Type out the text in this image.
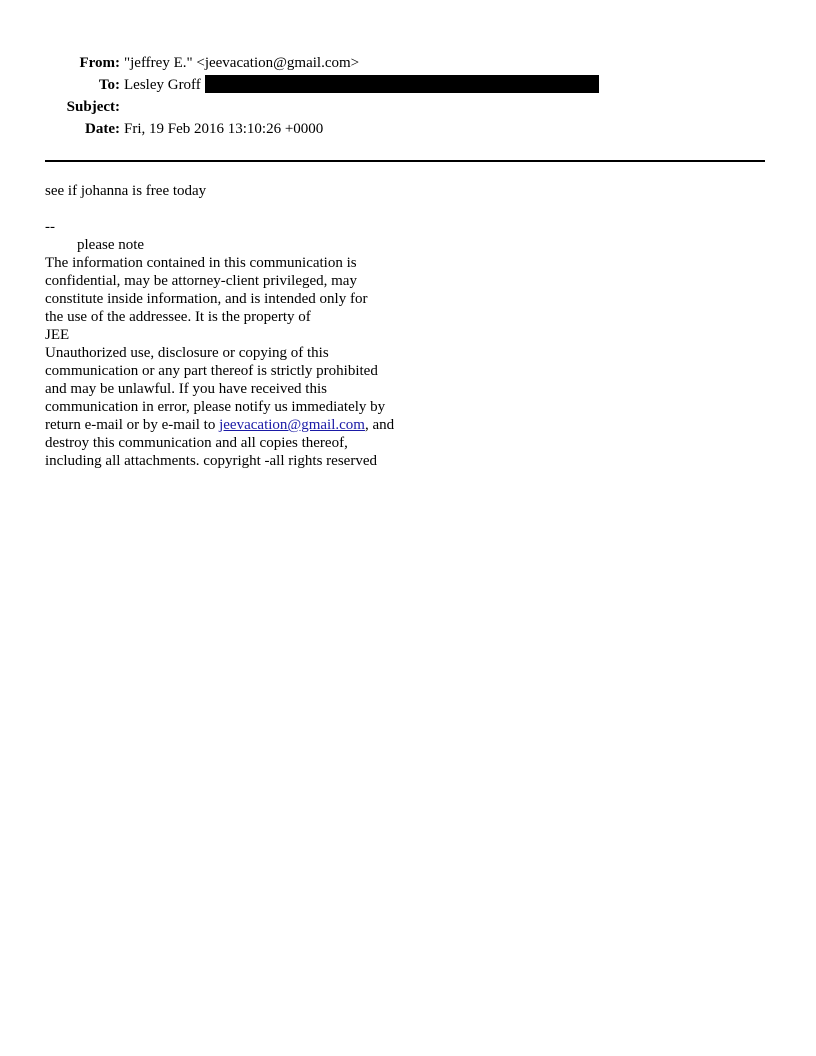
From: "jeffrey E." <jeevacation@gmail.com>
To: Lesley Groff
Subject:
Date: Fri, 19 Feb 2016 13:10:26 +0000
see if johanna is free today
--
please note
The information contained in this communication is
confidential, may be attorney-client privileged, may
constitute inside information, and is intended only for
the use of the addressee. It is the property of
JEE
Unauthorized use, disclosure or copying of this
communication or any part thereof is strictly prohibited
and may be unlawful. If you have received this
communication in error, please notify us immediately by
return e-mail or by e-mail to jeevacation@gmail.com, and
destroy this communication and all copies thereof,
including all attachments. copyright -all rights reserved
